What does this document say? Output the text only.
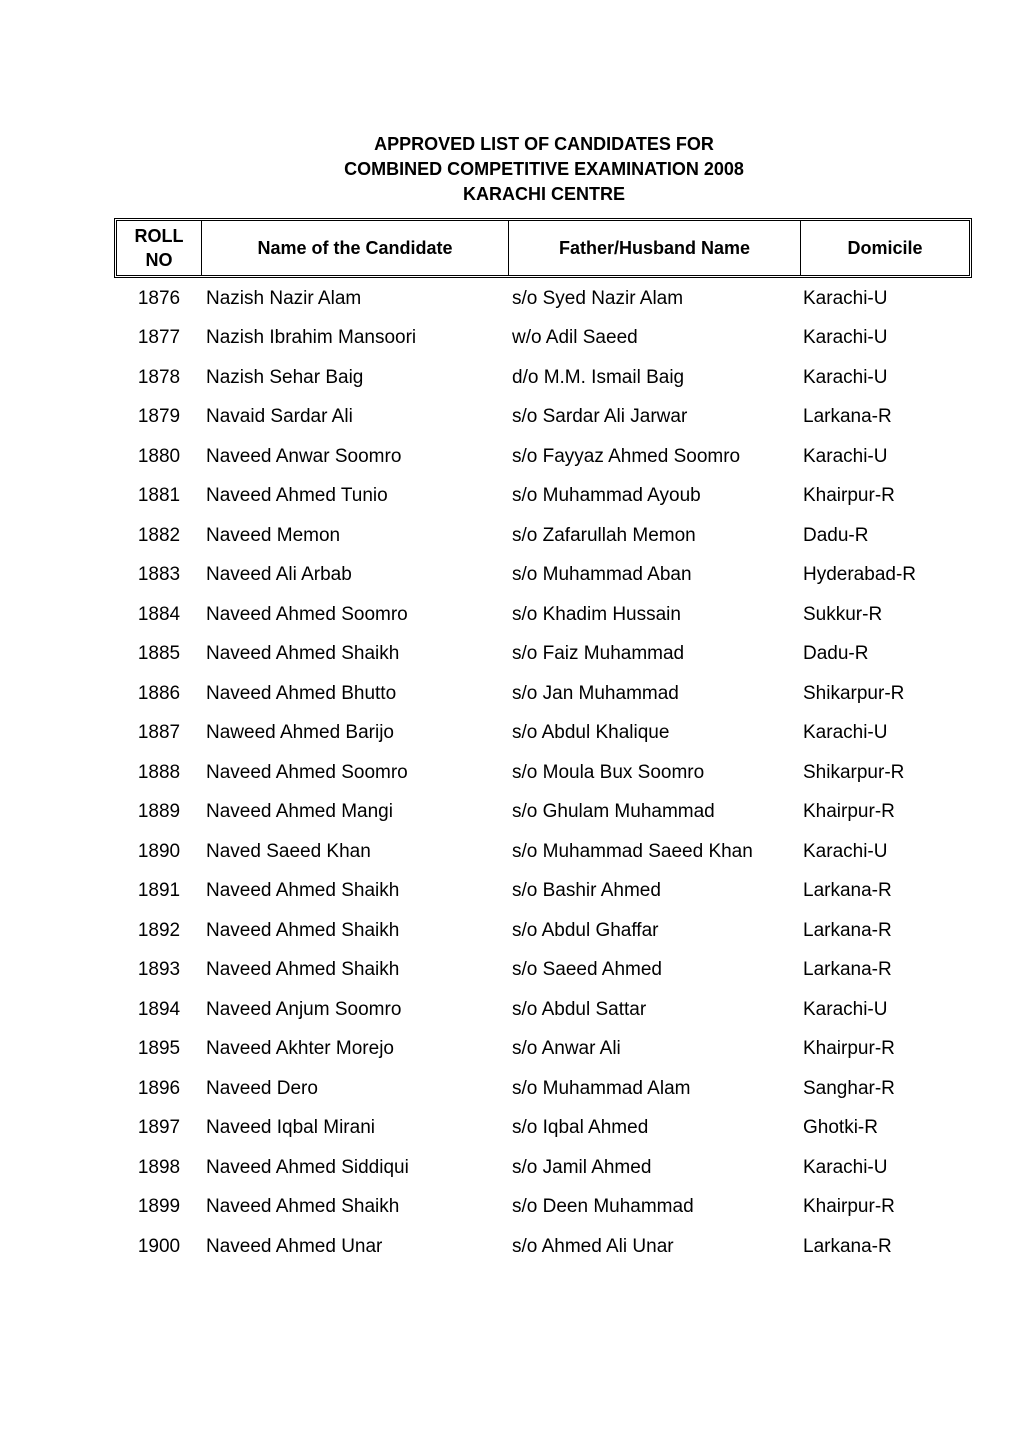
APPROVED LIST OF CANDIDATES FOR
COMBINED COMPETITIVE EXAMINATION 2008
KARACHI CENTRE
ROLL
NO	Name of the Candidate	Father/Husband Name	Domicile
1876	Nazish Nazir Alam	s/o Syed Nazir Alam	Karachi-U
1877	Nazish Ibrahim Mansoori	w/o Adil Saeed	Karachi-U
1878	Nazish Sehar Baig	d/o M.M. Ismail Baig	Karachi-U
1879	Navaid Sardar Ali	s/o Sardar Ali Jarwar	Larkana-R
1880	Naveed Anwar Soomro	s/o Fayyaz Ahmed Soomro	Karachi-U
1881	Naveed Ahmed Tunio	s/o Muhammad Ayoub	Khairpur-R
1882	Naveed Memon	s/o Zafarullah Memon	Dadu-R
1883	Naveed Ali Arbab	s/o Muhammad Aban	Hyderabad-R
1884	Naveed Ahmed Soomro	s/o Khadim Hussain	Sukkur-R
1885	Naveed Ahmed Shaikh	s/o Faiz Muhammad	Dadu-R
1886	Naveed Ahmed Bhutto	s/o Jan Muhammad	Shikarpur-R
1887	Naweed Ahmed Barijo	s/o Abdul Khalique	Karachi-U
1888	Naveed Ahmed Soomro	s/o Moula Bux Soomro	Shikarpur-R
1889	Naveed Ahmed Mangi	s/o Ghulam Muhammad	Khairpur-R
1890	Naved Saeed Khan	s/o Muhammad Saeed Khan	Karachi-U
1891	Naveed Ahmed Shaikh	s/o Bashir Ahmed	Larkana-R
1892	Naveed Ahmed Shaikh	s/o Abdul Ghaffar	Larkana-R
1893	Naveed Ahmed Shaikh	s/o Saeed Ahmed	Larkana-R
1894	Naveed Anjum Soomro	s/o Abdul Sattar	Karachi-U
1895	Naveed Akhter Morejo	s/o Anwar Ali	Khairpur-R
1896	Naveed Dero	s/o Muhammad Alam	Sanghar-R
1897	Naveed Iqbal Mirani	s/o Iqbal Ahmed	Ghotki-R
1898	Naveed Ahmed Siddiqui	s/o Jamil Ahmed	Karachi-U
1899	Naveed Ahmed Shaikh	s/o Deen Muhammad	Khairpur-R
1900	Naveed Ahmed Unar	s/o Ahmed Ali Unar	Larkana-R
